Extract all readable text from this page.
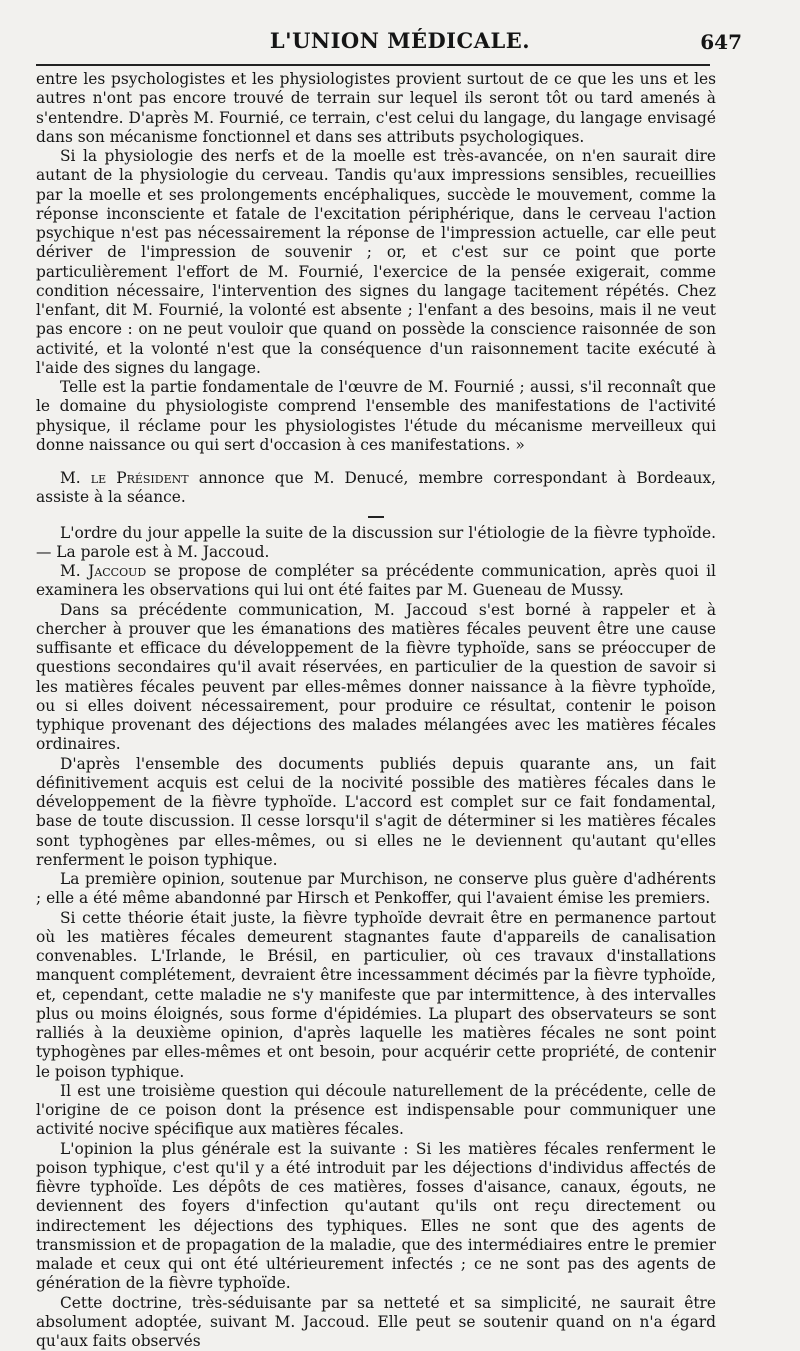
L'UNION MÉDICALE.	647

entre les psychologistes et les physiologistes provient surtout de ce que les uns et les autres n'ont pas encore trouvé de terrain sur lequel ils seront tôt ou tard amenés à s'entendre. D'après M. Fournié, ce terrain, c'est celui du langage, du langage envisagé dans son mécanisme fonctionnel et dans ses attributs psychologiques.

Si la physiologie des nerfs et de la moelle est très-avancée, on n'en saurait dire autant de la physiologie du cerveau. Tandis qu'aux impressions sensibles, recueillies par la moelle et ses prolongements encéphaliques, succède le mouvement, comme la réponse inconsciente et fatale de l'excitation périphérique, dans le cerveau l'action psychique n'est pas nécessairement la réponse de l'impression actuelle, car elle peut dériver de l'impression de souvenir ; or, et c'est sur ce point que porte particulièrement l'effort de M. Fournié, l'exercice de la pensée exigerait, comme condition nécessaire, l'intervention des signes du langage tacitement répétés. Chez l'enfant, dit M. Fournié, la volonté est absente ; l'enfant a des besoins, mais il ne veut pas encore : on ne peut vouloir que quand on possède la conscience raisonnée de son activité, et la volonté n'est que la conséquence d'un raisonnement tacite exécuté à l'aide des signes du langage.

Telle est la partie fondamentale de l'œuvre de M. Fournié ; aussi, s'il reconnaît que le domaine du physiologiste comprend l'ensemble des manifestations de l'activité physique, il réclame pour les physiologistes l'étude du mécanisme merveilleux qui donne naissance ou qui sert d'occasion à ces manifestations. »

M. le Président annonce que M. Denucé, membre correspondant à Bordeaux, assiste à la séance.

L'ordre du jour appelle la suite de la discussion sur l'étiologie de la fièvre typhoïde. — La parole est à M. Jaccoud.

M. Jaccoud se propose de compléter sa précédente communication, après quoi il examinera les observations qui lui ont été faites par M. Gueneau de Mussy.

Dans sa précédente communication, M. Jaccoud s'est borné à rappeler et à chercher à prouver que les émanations des matières fécales peuvent être une cause suffisante et efficace du développement de la fièvre typhoïde, sans se préoccuper de questions secondaires qu'il avait réservées, en particulier de la question de savoir si les matières fécales peuvent par elles-mêmes donner naissance à la fièvre typhoïde, ou si elles doivent nécessairement, pour produire ce résultat, contenir le poison typhique provenant des déjections des malades mélangées avec les matières fécales ordinaires.

D'après l'ensemble des documents publiés depuis quarante ans, un fait définitivement acquis est celui de la nocivité possible des matières fécales dans le développement de la fièvre typhoïde. L'accord est complet sur ce fait fondamental, base de toute discussion. Il cesse lorsqu'il s'agit de déterminer si les matières fécales sont typhogènes par elles-mêmes, ou si elles ne le deviennent qu'autant qu'elles renferment le poison typhique.

La première opinion, soutenue par Murchison, ne conserve plus guère d'adhérents ; elle a été même abandonné par Hirsch et Penkoffer, qui l'avaient émise les premiers.

Si cette théorie était juste, la fièvre typhoïde devrait être en permanence partout où les matières fécales demeurent stagnantes faute d'appareils de canalisation convenables. L'Irlande, le Brésil, en particulier, où ces travaux d'installations manquent complétement, devraient être incessamment décimés par la fièvre typhoïde, et, cependant, cette maladie ne s'y manifeste que par intermittence, à des intervalles plus ou moins éloignés, sous forme d'épidémies. La plupart des observateurs se sont ralliés à la deuxième opinion, d'après laquelle les matières fécales ne sont point typhogènes par elles-mêmes et ont besoin, pour acquérir cette propriété, de contenir le poison typhique.

Il est une troisième question qui découle naturellement de la précédente, celle de l'origine de ce poison dont la présence est indispensable pour communiquer une activité nocive spécifique aux matières fécales.

L'opinion la plus générale est la suivante : Si les matières fécales renferment le poison typhique, c'est qu'il y a été introduit par les déjections d'individus affectés de fièvre typhoïde. Les dépôts de ces matières, fosses d'aisance, canaux, égouts, ne deviennent des foyers d'infection qu'autant qu'ils ont reçu directement ou indirectement les déjections des typhiques. Elles ne sont que des agents de transmission et de propagation de la maladie, que des intermédiaires entre le premier malade et ceux qui ont été ultérieurement infectés ; ce ne sont pas des agents de génération de la fièvre typhoïde.

Cette doctrine, très-séduisante par sa netteté et sa simplicité, ne saurait être absolument adoptée, suivant M. Jaccoud. Elle peut se soutenir quand on n'a égard qu'aux faits observés
